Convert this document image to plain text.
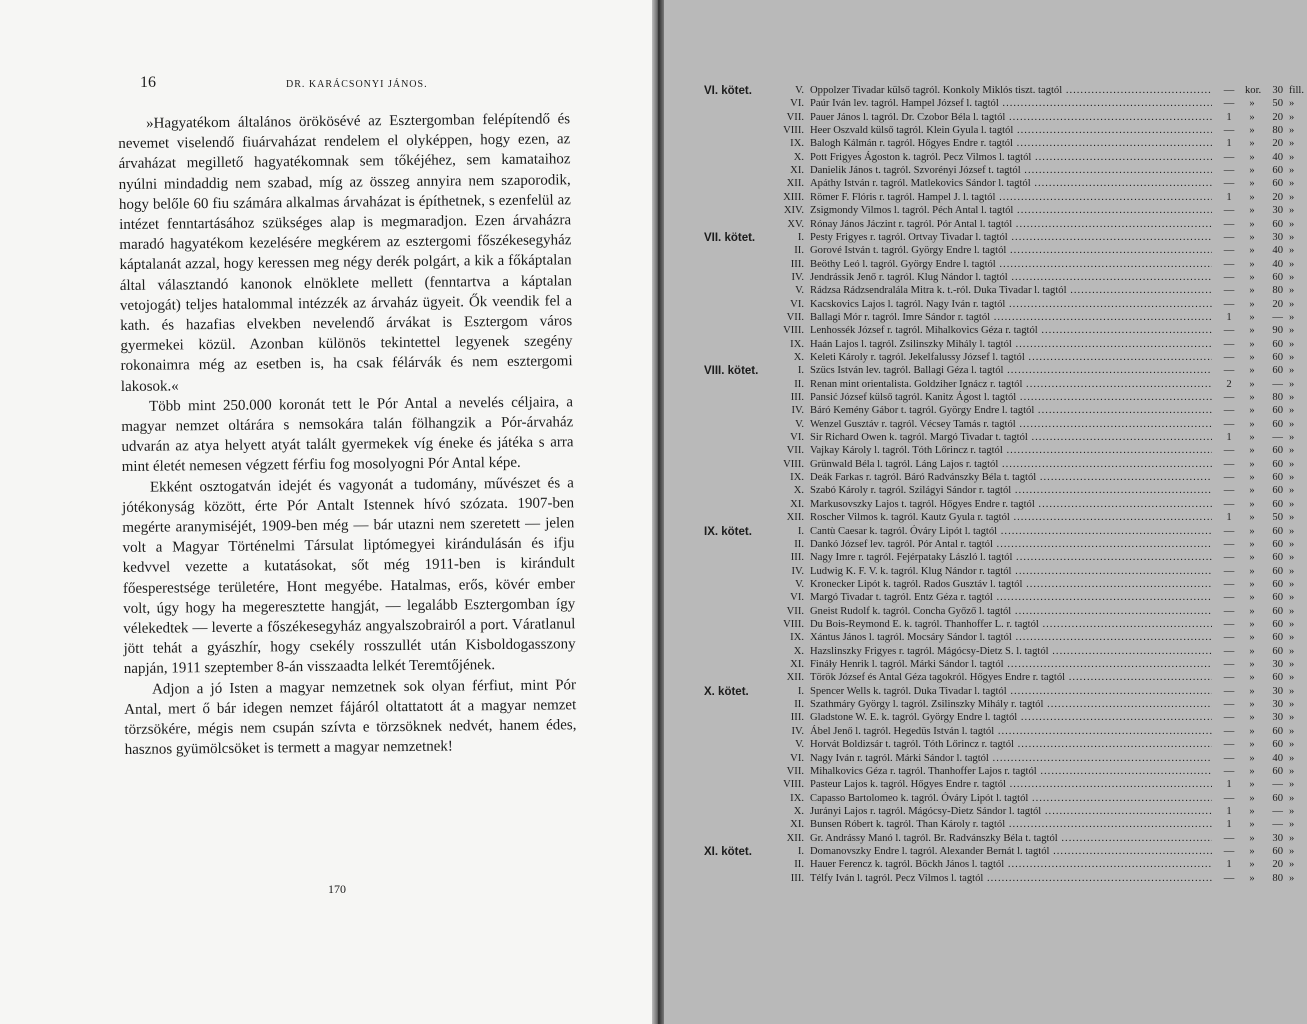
16	DR. KARÁCSONYI JÁNOS.

»Hagyatékom általános örökösévé az Esztergomban felépítendő és nevemet viselendő fiuárvaházat rendelem el olyképpen, hogy ezen, az árvaházat megillető hagyatékomnak sem tőkéjéhez, sem kamataihoz nyúlni mindaddig nem szabad, míg az összeg annyira nem szaporodik, hogy belőle 60 fiu számára alkalmas árvaházat is építhetnek, s ezenfelül az intézet fenntartásához szükséges alap is megmaradjon. Ezen árvaházra maradó hagyatékom kezelésére megkérem az esztergomi főszékesegyház káptalanát azzal, hogy keressen meg négy derék polgárt, a kik a főkáptalan által választandó kanonok elnöklete mellett (fenntartva a káptalan vetojogát) teljes hatalommal intézzék az árvaház ügyeit. Ők veendik fel a kath. és hazafias elvekben nevelendő árvákat is Esztergom város gyermekei közül. Azonban különös tekintettel legyenek szegény rokonaimra még az esetben is, ha csak félárvák és nem esztergomi lakosok.«

Több mint 250.000 koronát tett le Pór Antal a nevelés céljaira, a magyar nemzet oltárára s nemsokára talán fölhangzik a Pór-árvaház udvarán az atya helyett atyát talált gyermekek víg éneke és játéka s arra mint életét nemesen végzett férfiu fog mosolyogni Pór Antal képe.

Ekként osztogatván idejét és vagyonát a tudomány, művészet és a jótékonyság között, érte Pór Antalt Istennek hívó szózata. 1907-ben megérte aranymiséjét, 1909-ben még — bár utazni nem szeretett — jelen volt a Magyar Történelmi Társulat liptómegyei kirándulásán és ifju kedvvel vezette a kutatásokat, sőt még 1911-ben is kirándult főesperestsége területére, Hont megyébe. Hatalmas, erős, kövér ember volt, úgy hogy ha megeresztette hangját, — legalább Esztergomban így vélekedtek — leverte a főszékesegyház angyalszobrairól a port. Váratlanul jött tehát a gyászhír, hogy csekély rosszullét után Kisboldogasszony napján, 1911 szeptember 8-án visszaadta lelkét Teremtőjének.

Adjon a jó Isten a magyar nemzetnek sok olyan férfiut, mint Pór Antal, mert ő bár idegen nemzet fájáról oltattatott át a magyar nemzet törzsökére, mégis nem csupán szívta e törzsöknek nedvét, hanem édes, hasznos gyümölcsöket is termett a magyar nemzetnek!

170
VI. kötet.	V. Oppolzer Tivadar külső tagról. Konkoly Miklós tiszt. tagtól .....	—	kor.	30 fill.
VI. Paúr Iván lev. tagról. Hampel József l. tagtól .....	—	»	50 »
VII. Pauer János l. tagról. Dr. Czobor Béla l. tagtól .....	1	»	20 »
VIII. Heer Oszvald külső tagról. Klein Gyula l. tagtól .....	—	»	80 »
IX. Balogh Kálmán r. tagról. Hőgyes Endre r. tagtól .....	1	»	20 »
X. Pott Frigyes Ágoston k. tagról. Pecz Vilmos l. tagtól .....	—	»	40 »
XI. Danielik János t. tagról. Szvorényi József t. tagtól .....	—	»	60 »
XII. Apáthy István r. tagról. Matlekovics Sándor l. tagtól .....	—	»	60 »
XIII. Römer F. Flóris r. tagról. Hampel J. l. tagtól .....	1	»	20 »
XIV. Zsigmondy Vilmos l. tagról. Péch Antal l. tagtól .....	—	»	30 »
XV. Rónay János Jáczint r. tagról. Pór Antal l. tagtól .....	—	»	60 »
VII. kötet.	I. Pesty Frigyes r. tagról. Ortvay Tivadar l. tagtól .....	—	»	30 »
II. Gorové István t. tagról. György Endre l. tagtól .....	—	»	40 »
III. Beöthy Leó l. tagról. György Endre l. tagtól .....	—	»	40 »
IV. Jendrássik Jenő r. tagról. Klug Nándor l. tagtól .....	—	»	60 »
V. Rádzsa Rádzsendralála Mitra k. t.-ról. Duka Tivadar l. tagtól .....	—	»	80 »
VI. Kacskovics Lajos l. tagról. Nagy Iván r. tagtól .....	—	»	20 »
VII. Ballagi Mór r. tagról. Imre Sándor r. tagtól .....	1	»	— »
VIII. Lenhossék József r. tagról. Mihalkovics Géza r. tagtól .....	—	»	90 »
IX. Haán Lajos l. tagról. Zsilinszky Mihály l. tagtól .....	—	»	60 »
X. Keleti Károly r. tagról. Jekelfalussy József l. tagtól .....	—	»	60 »
VIII. kötet.	I. Szücs István lev. tagról. Ballagi Géza l. tagtól .....	—	»	60 »
II. Renan mint orientalista. Goldziher Ignácz r. tagtól .....	2	»	— »
III. Pansić József külső tagról. Kanitz Ágost l. tagtól .....	—	»	80 »
IV. Báró Kemény Gábor t. tagról. György Endre l. tagtól .....	—	»	60 »
V. Wenzel Gusztáv r. tagról. Vécsey Tamás r. tagtól .....	—	»	60 »
VI. Sir Richard Owen k. tagról. Margó Tivadar t. tagtól .....	1	»	— »
VII. Vajkay Károly l. tagról. Tóth Lőrincz r. tagtól .....	—	»	60 »
VIII. Grünwald Béla l. tagról. Láng Lajos r. tagtól .....	—	»	60 »
IX. Deák Farkas r. tagról. Báró Radvánszky Béla t. tagtól .....	—	»	60 »
X. Szabó Károly r. tagról. Szilágyi Sándor r. tagtól .....	—	»	60 »
XI. Markusovszky Lajos t. tagról. Hőgyes Endre r. tagtól .....	—	»	60 »
XII. Roscher Vilmos k. tagról. Kautz Gyula r. tagtól .....	1	»	50 »
IX. kötet.	I. Cantù Caesar k. tagról. Óváry Lipót l. tagtól .....	—	»	60 »
II. Dankó József lev. tagról. Pór Antal r. tagtól .....	—	»	60 »
III. Nagy Imre r. tagról. Fejérpataky László l. tagtól .....	—	»	60 »
IV. Ludwig K. F. V. k. tagról. Klug Nándor r. tagtól .....	—	»	60 »
V. Kronecker Lipót k. tagról. Rados Gusztáv l. tagtól .....	—	»	60 »
VI. Margó Tivadar t. tagról. Entz Géza r. tagtól .....	—	»	60 »
VII. Gneist Rudolf k. tagról. Concha Győző l. tagtól .....	—	»	60 »
VIII. Du Bois-Reymond E. k. tagról. Thanhoffer L. r. tagtól .....	—	»	60 »
IX. Xántus János l. tagról. Mocsáry Sándor l. tagtól .....	—	»	60 »
X. Hazslinszky Frigyes r. tagról. Mágócsy-Dietz S. l. tagtól .....	—	»	60 »
XI. Fináły Henrik l. tagról. Márki Sándor l. tagtól .....	—	»	30 »
XII. Török József és Antal Géza tagokról. Hőgyes Endre r. tagtól .....	—	»	60 »
X. kötet.	I. Spencer Wells k. tagról. Duka Tivadar l. tagtól .....	—	»	30 »
II. Szathmáry György l. tagról. Zsilinszky Mihály r. tagtól .....	—	»	30 »
III. Gladstone W. E. k. tagról. György Endre l. tagtól .....	—	»	30 »
IV. Ábel Jenő l. tagról. Hegedüs István l. tagtól .....	—	»	60 »
V. Horvát Boldizsár t. tagról. Tóth Lőrincz r. tagtól .....	—	»	60 »
VI. Nagy Iván r. tagról. Márki Sándor l. tagtól .....	—	»	40 »
VII. Mihalkovics Géza r. tagról. Thanhoffer Lajos r. tagtól .....	—	»	60 »
VIII. Pasteur Lajos k. tagról. Hőgyes Endre r. tagtól .....	1	»	— »
IX. Capasso Bartolomeo k. tagról. Óváry Lipót l. tagtól .....	—	»	60 »
X. Jurányi Lajos r. tagról. Mágócsy-Dietz Sándor l. tagtól .....	1	»	— »
XI. Bunsen Róbert k. tagról. Than Károly r. tagtól .....	1	»	— »
XII. Gr. Andrássy Manó l. tagról. Br. Radvánszky Béla t. tagtól .....	—	»	30 »
XI. kötet.	I. Domanovszky Endre l. tagról. Alexander Bernát l. tagtól .....	—	»	60 »
II. Hauer Ferencz k. tagról. Böckh János l. tagtól .....	1	»	20 »
III. Télfy Iván l. tagról. Pecz Vilmos l. tagtól .....	—	»	80 »
